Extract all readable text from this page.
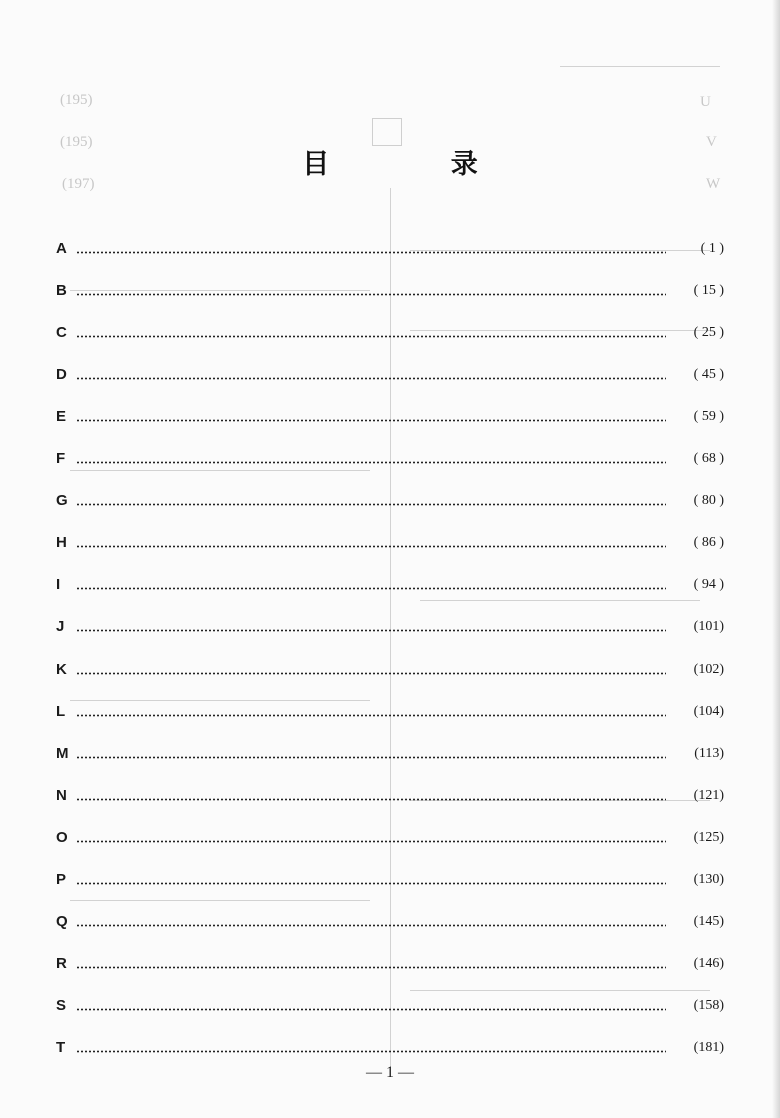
(195)
(195)
(197)
U
V
W
目 录
A	( 1 )
B	( 15 )
C	( 25 )
D	( 45 )
E	( 59 )
F	( 68 )
G	( 80 )
H	( 86 )
I	( 94 )
J	(101)
K	(102)
L	(104)
M	(113)
N	(121)
O	(125)
P	(130)
Q	(145)
R	(146)
S	(158)
T	(181)
— 1 —
